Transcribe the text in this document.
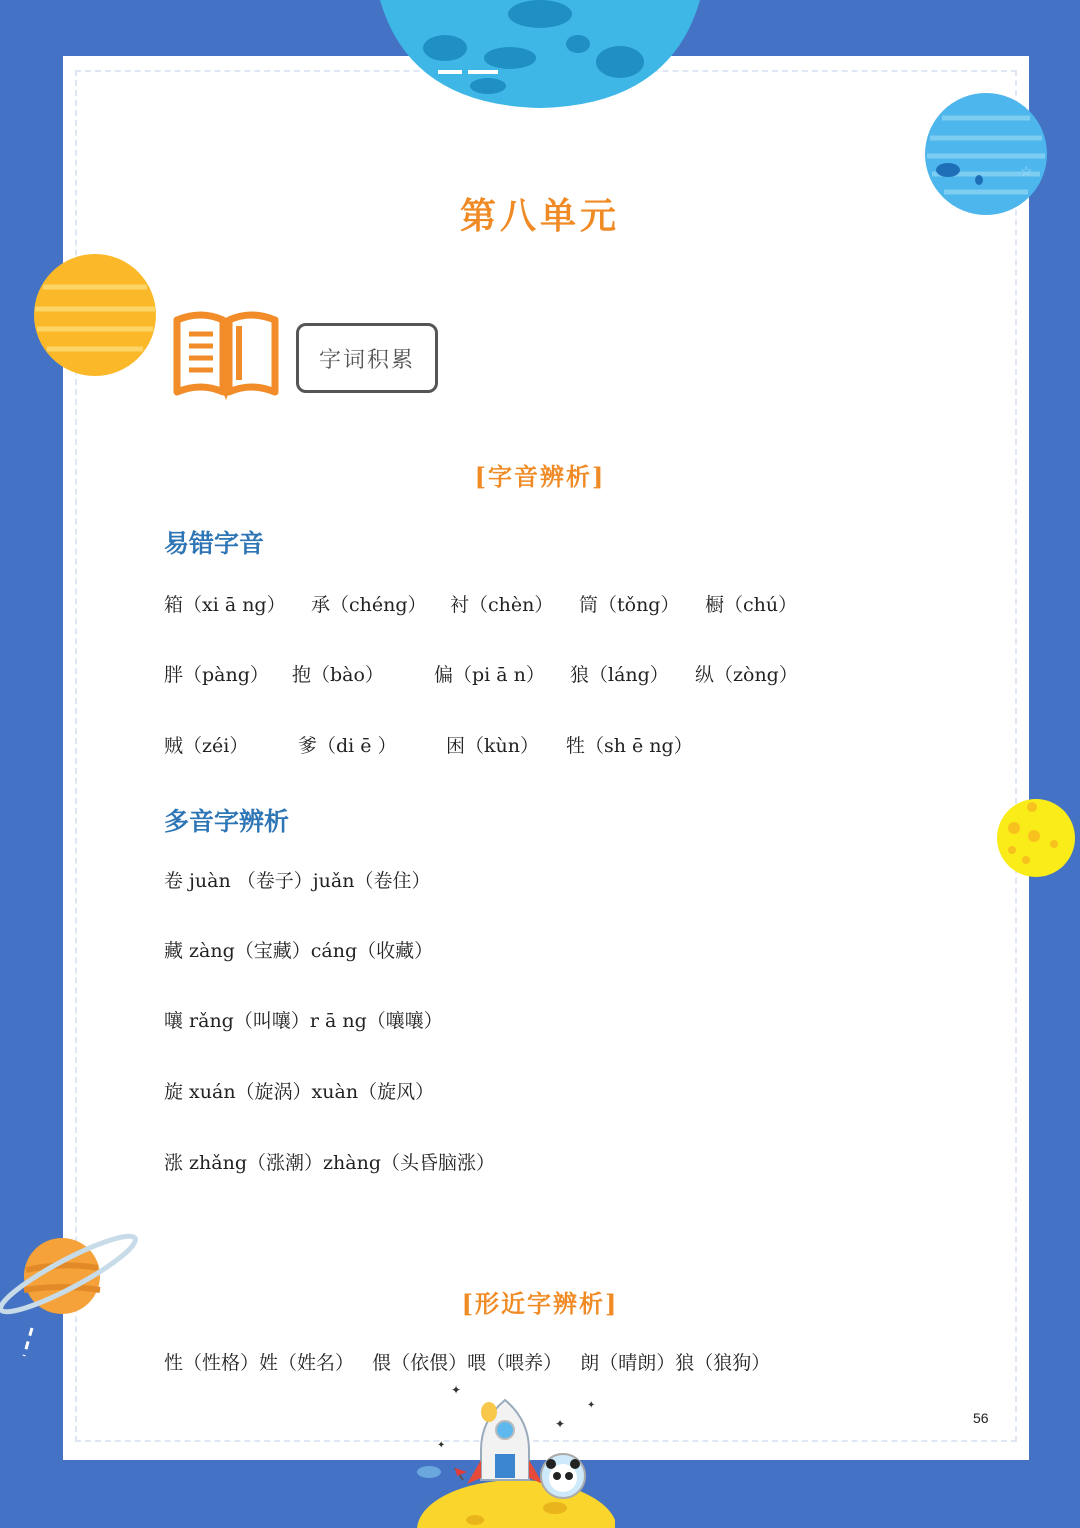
☆
✦
✦
✦
✦
第八单元
字词积累
[字音辨析]
易错字音
箱（xi ā ng） 承（chéng） 衬（chèn） 筒（tǒng） 橱（chú）
胖（pàng） 抱（bào）	偏（pi ā n） 狼（láng） 纵（zòng）
贼（zéi）	爹（di ē ）	困（kùn） 牲（sh ē ng）
多音字辨析
卷 juàn （卷子）juǎn（卷住）
藏 zàng（宝藏）cáng（收藏）
嚷 rǎng（叫嚷）r ā ng（嚷嚷）
旋 xuán（旋涡）xuàn（旋风）
涨 zhǎng（涨潮）zhàng（头昏脑涨）
[形近字辨析]
性（性格）姓（姓名）   偎（依偎）喂（喂养）   朗（晴朗）狼（狼狗）
56
